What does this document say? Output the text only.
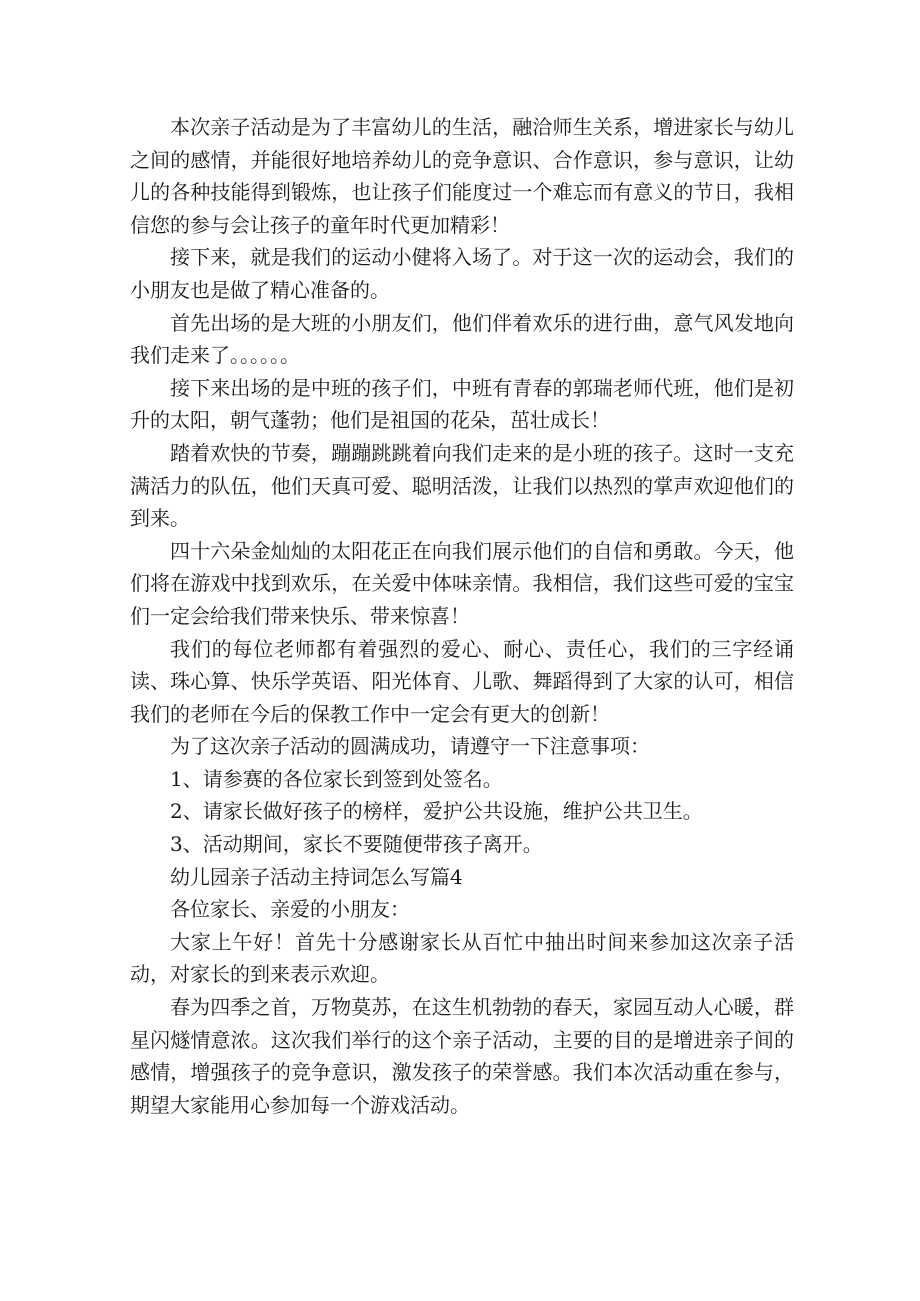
本次亲子活动是为了丰富幼儿的生活，融洽师生关系，增进家长与幼儿之间的感情，并能很好地培养幼儿的竞争意识、合作意识，参与意识，让幼儿的各种技能得到锻炼，也让孩子们能度过一个难忘而有意义的节日，我相信您的参与会让孩子的童年时代更加精彩！

接下来，就是我们的运动小健将入场了。对于这一次的运动会，我们的小朋友也是做了精心准备的。

首先出场的是大班的小朋友们，他们伴着欢乐的进行曲，意气风发地向我们走来了。。。。。。

接下来出场的是中班的孩子们，中班有青春的郭瑞老师代班，他们是初升的太阳，朝气蓬勃；他们是祖国的花朵，茁壮成长！

踏着欢快的节奏，蹦蹦跳跳着向我们走来的是小班的孩子。这时一支充满活力的队伍，他们天真可爱、聪明活泼，让我们以热烈的掌声欢迎他们的到来。

四十六朵金灿灿的太阳花正在向我们展示他们的自信和勇敢。今天，他们将在游戏中找到欢乐，在关爱中体味亲情。我相信，我们这些可爱的宝宝们一定会给我们带来快乐、带来惊喜！

我们的每位老师都有着强烈的爱心、耐心、责任心，我们的三字经诵读、珠心算、快乐学英语、阳光体育、儿歌、舞蹈得到了大家的认可，相信我们的老师在今后的保教工作中一定会有更大的创新！

为了这次亲子活动的圆满成功，请遵守一下注意事项：

1、请参赛的各位家长到签到处签名。

2、请家长做好孩子的榜样，爱护公共设施，维护公共卫生。

3、活动期间，家长不要随便带孩子离开。

幼儿园亲子活动主持词怎么写篇4

各位家长、亲爱的小朋友：

大家上午好！首先十分感谢家长从百忙中抽出时间来参加这次亲子活动，对家长的到来表示欢迎。

春为四季之首，万物莫苏，在这生机勃勃的春天，家园互动人心暖，群星闪燧情意浓。这次我们举行的这个亲子活动，主要的目的是增进亲子间的感情，增强孩子的竞争意识，激发孩子的荣誉感。我们本次活动重在参与，期望大家能用心参加每一个游戏活动。
